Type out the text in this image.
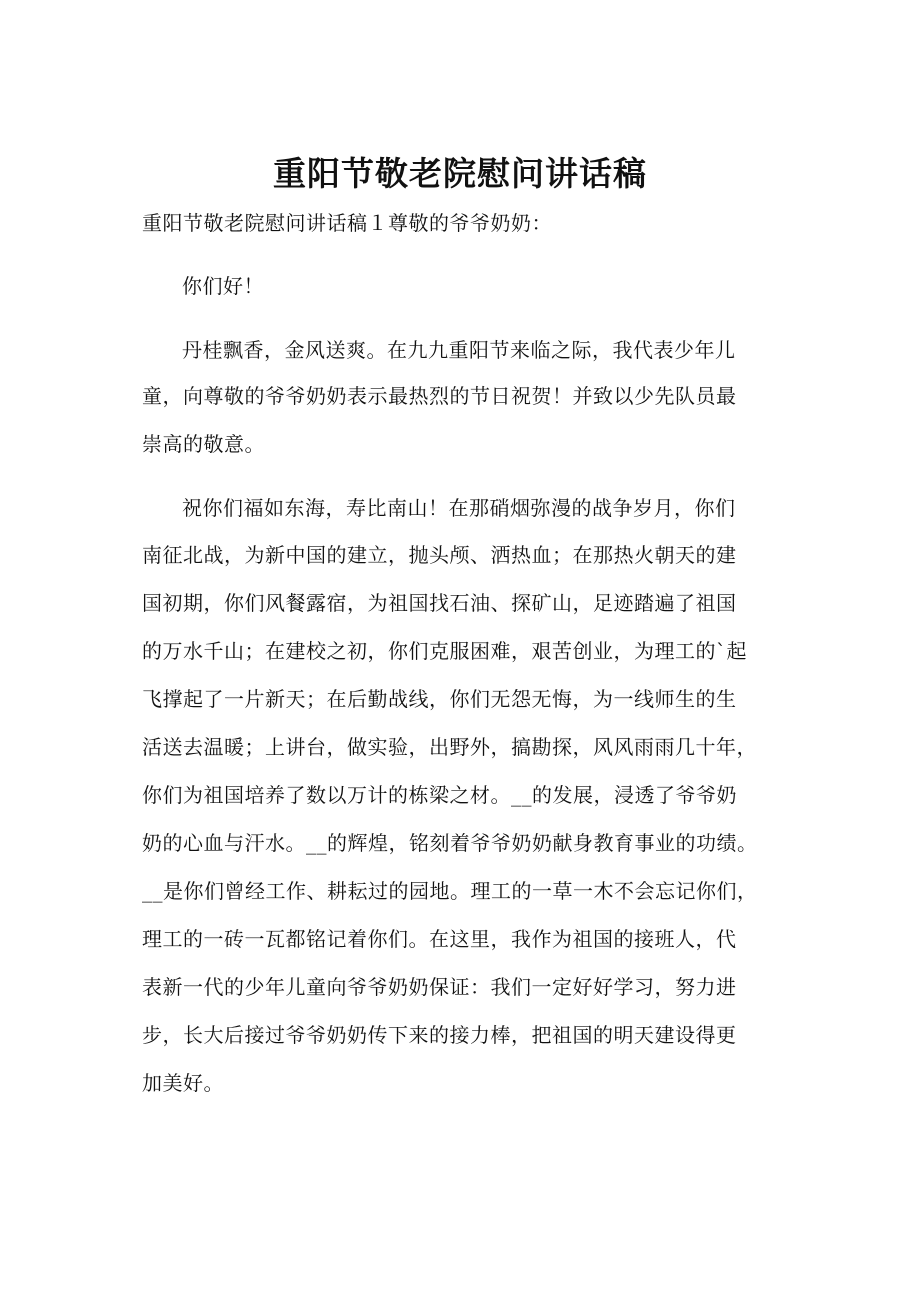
重阳节敬老院慰问讲话稿
重阳节敬老院慰问讲话稿１尊敬的爷爷奶奶：
你们好！
丹桂飘香，金风送爽。在九九重阳节来临之际，我代表少年儿
童，向尊敬的爷爷奶奶表示最热烈的节日祝贺！并致以少先队员最
崇高的敬意。
祝你们福如东海，寿比南山！在那硝烟弥漫的战争岁月，你们
南征北战，为新中国的建立，抛头颅、洒热血；在那热火朝天的建
国初期，你们风餐露宿，为祖国找石油、探矿山，足迹踏遍了祖国
的万水千山；在建校之初，你们克服困难，艰苦创业，为理工的`起
飞撑起了一片新天；在后勤战线，你们无怨无悔，为一线师生的生
活送去温暖；上讲台，做实验，出野外，搞勘探，风风雨雨几十年，
你们为祖国培养了数以万计的栋梁之材。__的发展，浸透了爷爷奶
奶的心血与汗水。__的辉煌，铭刻着爷爷奶奶献身教育事业的功绩。
__是你们曾经工作、耕耘过的园地。理工的一草一木不会忘记你们，
理工的一砖一瓦都铭记着你们。在这里，我作为祖国的接班人，代
表新一代的少年儿童向爷爷奶奶保证：我们一定好好学习，努力进
步，长大后接过爷爷奶奶传下来的接力棒，把祖国的明天建设得更
加美好。
